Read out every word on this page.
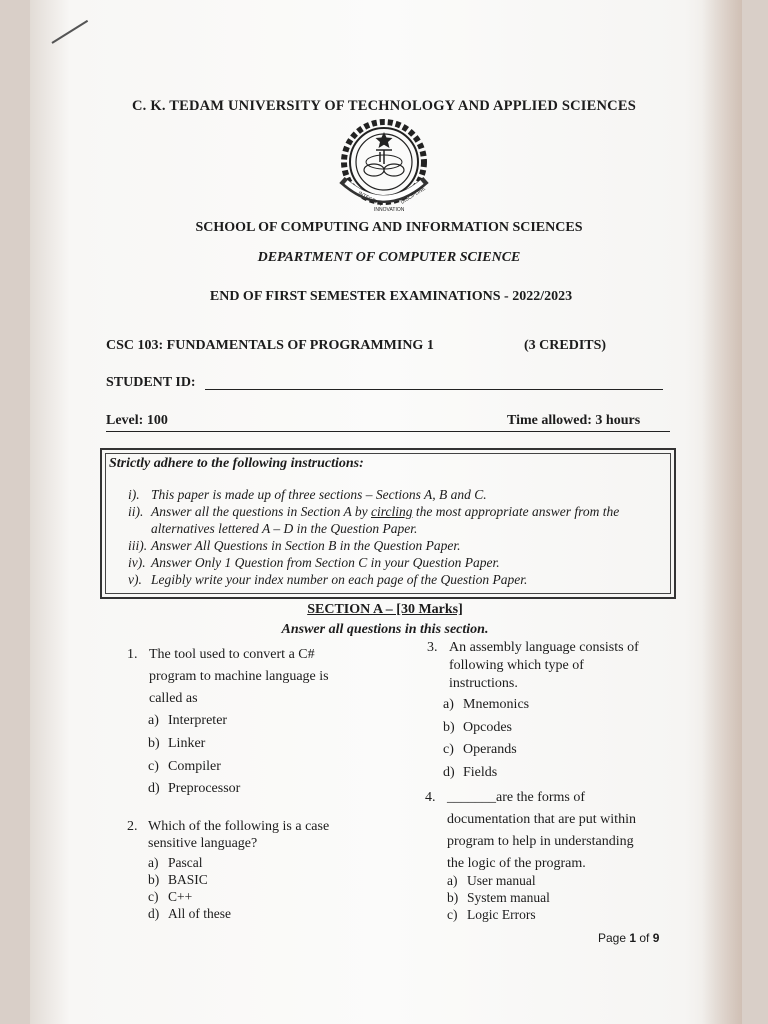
C. K. TEDAM UNIVERSITY OF TECHNOLOGY AND APPLIED SCIENCES
INTEGRITY
INNOVATION
DISCIPLINE
SCHOOL OF COMPUTING AND INFORMATION SCIENCES
DEPARTMENT OF COMPUTER SCIENCE
END OF FIRST SEMESTER EXAMINATIONS - 2022/2023
CSC 103: FUNDAMENTALS OF PROGRAMMING 1	(3 CREDITS)
STUDENT ID:
Level: 100	Time allowed: 3 hours
Strictly adhere to the following instructions:
i). This paper is made up of three sections – Sections A, B and C.
ii). Answer all the questions in Section A by circling the most appropriate answer from the alternatives lettered A – D in the Question Paper.
iii). Answer All Questions in Section B in the Question Paper.
iv). Answer Only 1 Question from Section C in your Question Paper.
v). Legibly write your index number on each page of the Question Paper.
SECTION A – [30 Marks]
Answer all questions in this section.
1. The tool used to convert a C#
program to machine language is
called as
a) Interpreter
b) Linker
c) Compiler
d) Preprocessor
2. Which of the following is a case
sensitive language?
a) Pascal
b) BASIC
c) C++
d) All of these
3. An assembly language consists of
following which type of
instructions.
a) Mnemonics
b) Opcodes
c) Operands
d) Fields
4. _______are the forms of
documentation that are put within
program to help in understanding
the logic of the program.
a) User manual
b) System manual
c) Logic Errors
Page 1 of 9
